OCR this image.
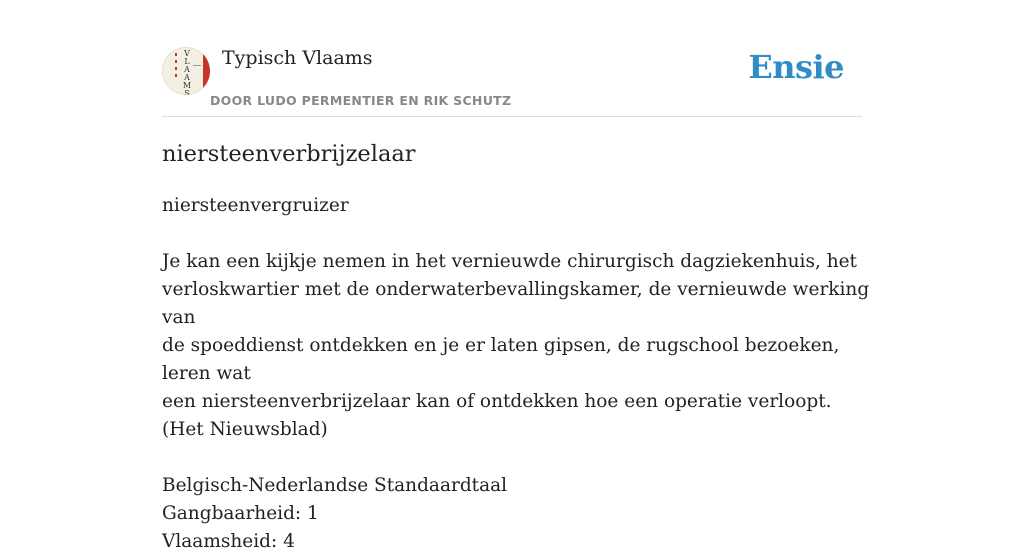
V
L
A
A
M
S
Typisch Vlaams
DOOR LUDO PERMENTIER EN RIK SCHUTZ
Ensie
niersteenverbrijzelaar

niersteenvergruizer

Je kan een kijkje nemen in het vernieuwde chirurgisch dagziekenhuis, het
verloskwartier met de onderwaterbevallingskamer, de vernieuwde werking van
de spoeddienst ontdekken en je er laten gipsen, de rugschool bezoeken, leren wat
een niersteenverbrijzelaar kan of ontdekken hoe een operatie verloopt.
(Het Nieuwsblad)
Belgisch-Nederlandse Standaardtaal
Gangbaarheid: 1
Vlaamsheid: 4
